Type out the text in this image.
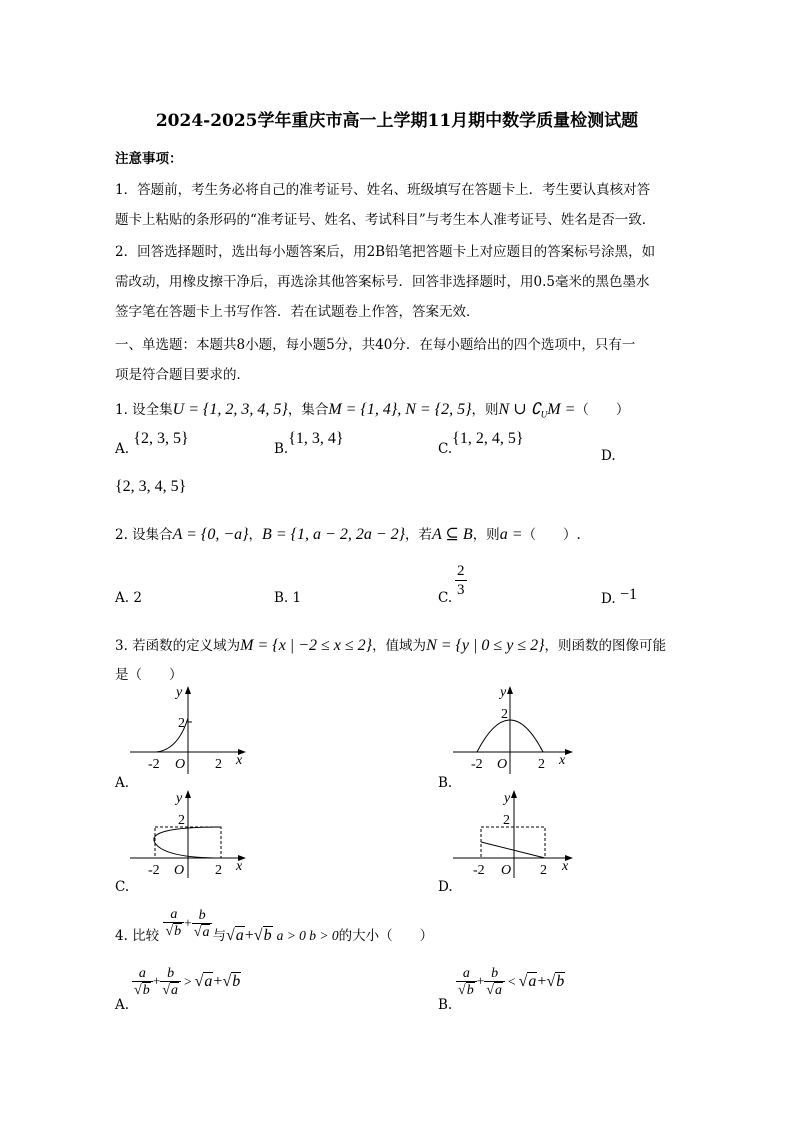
2024-2025学年重庆市高一上学期11月期中数学质量检测试题
注意事项：
1．答题前，考生务必将自己的准考证号、姓名、班级填写在答题卡上．考生要认真核对答
题卡上粘贴的条形码的“准考证号、姓名、考试科目”与考生本人准考证号、姓名是否一致．
2．回答选择题时，选出每小题答案后，用2B铅笔把答题卡上对应题目的答案标号涂黑，如
需改动，用橡皮擦干净后，再选涂其他答案标号．回答非选择题时，用0.5毫米的黑色墨水
签字笔在答题卡上书写作答．若在试题卷上作答，答案无效．
一、单选题：本题共8小题，每小题5分，共40分．在每小题给出的四个选项中，只有一
项是符合题目要求的．
1. 设全集U = {1, 2, 3, 4, 5}，集合M = {1, 4}, N = {2, 5}，则N ∪ $∁_UM$ =（　　）
A. {2, 3, 5}
B.{1, 3, 4}
C.{1, 2, 4, 5}
D.
{2, 3, 4, 5}
2. 设集合A = {0, −a}，B = {1, a − 2, 2a − 2}，若A ⊆ B，则a =（　　）.
A. 2	B. 1	C. $\frac{2}{3}$	D. −1
3. 若函数的定义域为M = {x | −2 ≤ x ≤ 2}，值域为N = {y | 0 ≤ y ≤ 2}，则函数的图像可能
是（　　）
y
2
-2 O 2 x
A.
y
2
-2 O 2 x
B.
y
2
-2 O 2 x
C.
y
2
-2 O 2 x
D.
4. 比较 $\frac{a}{√b} + \frac{b}{√a}$ 与√a+√b a > 0 b > 0的大小（　　）
A.
$\frac{a}{√b} + \frac{b}{√a} > √a+√b$
B.
$\frac{a}{√b} + \frac{b}{√a} < √a+√b$
